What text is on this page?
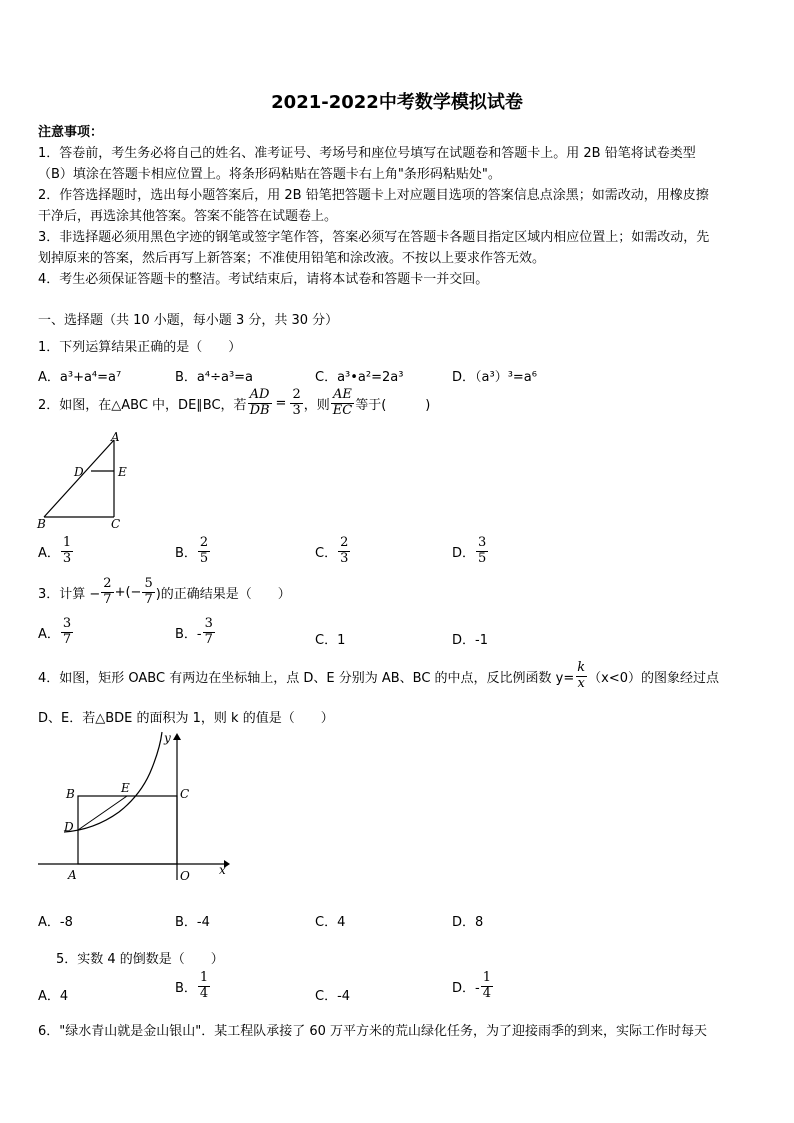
2021-2022中考数学模拟试卷
注意事项：
1．答卷前，考生务必将自己的姓名、准考证号、考场号和座位号填写在试题卷和答题卡上。用 2B 铅笔将试卷类型
（B）填涂在答题卡相应位置上。将条形码粘贴在答题卡右上角"条形码粘贴处"。
2．作答选择题时，选出每小题答案后，用 2B 铅笔把答题卡上对应题目选项的答案信息点涂黑；如需改动，用橡皮擦
干净后，再选涂其他答案。答案不能答在试题卷上。
3．非选择题必须用黑色字迹的钢笔或签字笔作答，答案必须写在答题卡各题目指定区域内相应位置上；如需改动，先
划掉原来的答案，然后再写上新答案；不准使用铅笔和涂改液。不按以上要求作答无效。
4．考生必须保证答题卡的整洁。考试结束后，请将本试卷和答题卡一并交回。
一、选择题（共 10 小题，每小题 3 分，共 30 分）
1．下列运算结果正确的是（　　）
A．a³+a⁴=a⁷	B．a⁴÷a³=a	C．a³•a²=2a³	D．（a³）³=a⁶
2．如图，在△ABC 中，DE∥BC，若 $\frac{AD}{DB} = \frac{2}{3}$ ，则 $\frac{AE}{EC}$ 等于(　　　)
A
D	E
B	C
A． $\frac{1}{3}$	B． $\frac{2}{5}$	C． $\frac{2}{3}$	D． $\frac{3}{5}$
3．计算 − $\frac{2}{7}$ +(− $\frac{5}{7}$ )的正确结果是（　　）
A． $\frac{3}{7}$	B．- $\frac{3}{7}$	C．1	D．-1
4．如图，矩形 OABC 有两边在坐标轴上，点 D、E 分别为 AB、BC 的中点，反比例函数 $y= \frac{k}{x} (x<0)$的图象经过点
D、E．若△BDE 的面积为 1，则 k 的值是（　　）
y
x
B	E	C
D
A	O
A．-8	B．-4	C．4	D．8
5．实数 4 的倒数是（　　）
A．4
B． $\frac{1}{4}$	C．-4
D．- $\frac{1}{4}$
6．"绿水青山就是金山银山"．某工程队承接了 60 万平方米的荒山绿化任务，为了迎接雨季的到来，实际工作时每天
